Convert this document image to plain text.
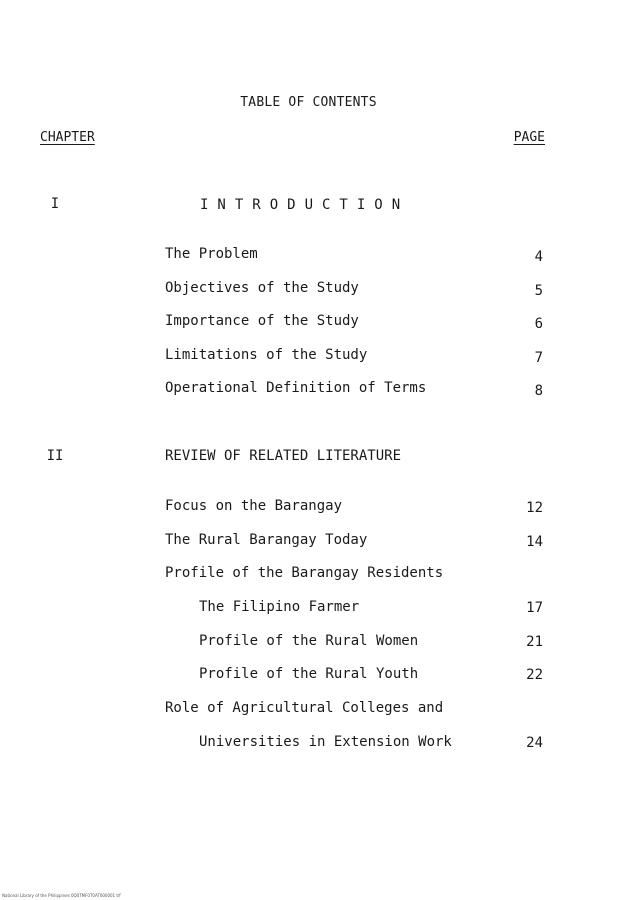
TABLE OF CONTENTS
CHAPTER	PAGE
I	INTRODUCTION
The Problem	4
Objectives of the Study	5
Importance of the Study	6
Limitations of the Study	7
Operational Definition of Terms	8
II	REVIEW OF RELATED LITERATURE
Focus on the Barangay	12
The Rural Barangay Today	14
Profile of the Barangay Residents
The Filipino Farmer	17
Profile of the Rural Women	21
Profile of the Rural Youth	22
Role of Agricultural Colleges and
Universities in Extension Work	24
National Library of the Philippines 0Q0TMF0T0AT000001 t/f
